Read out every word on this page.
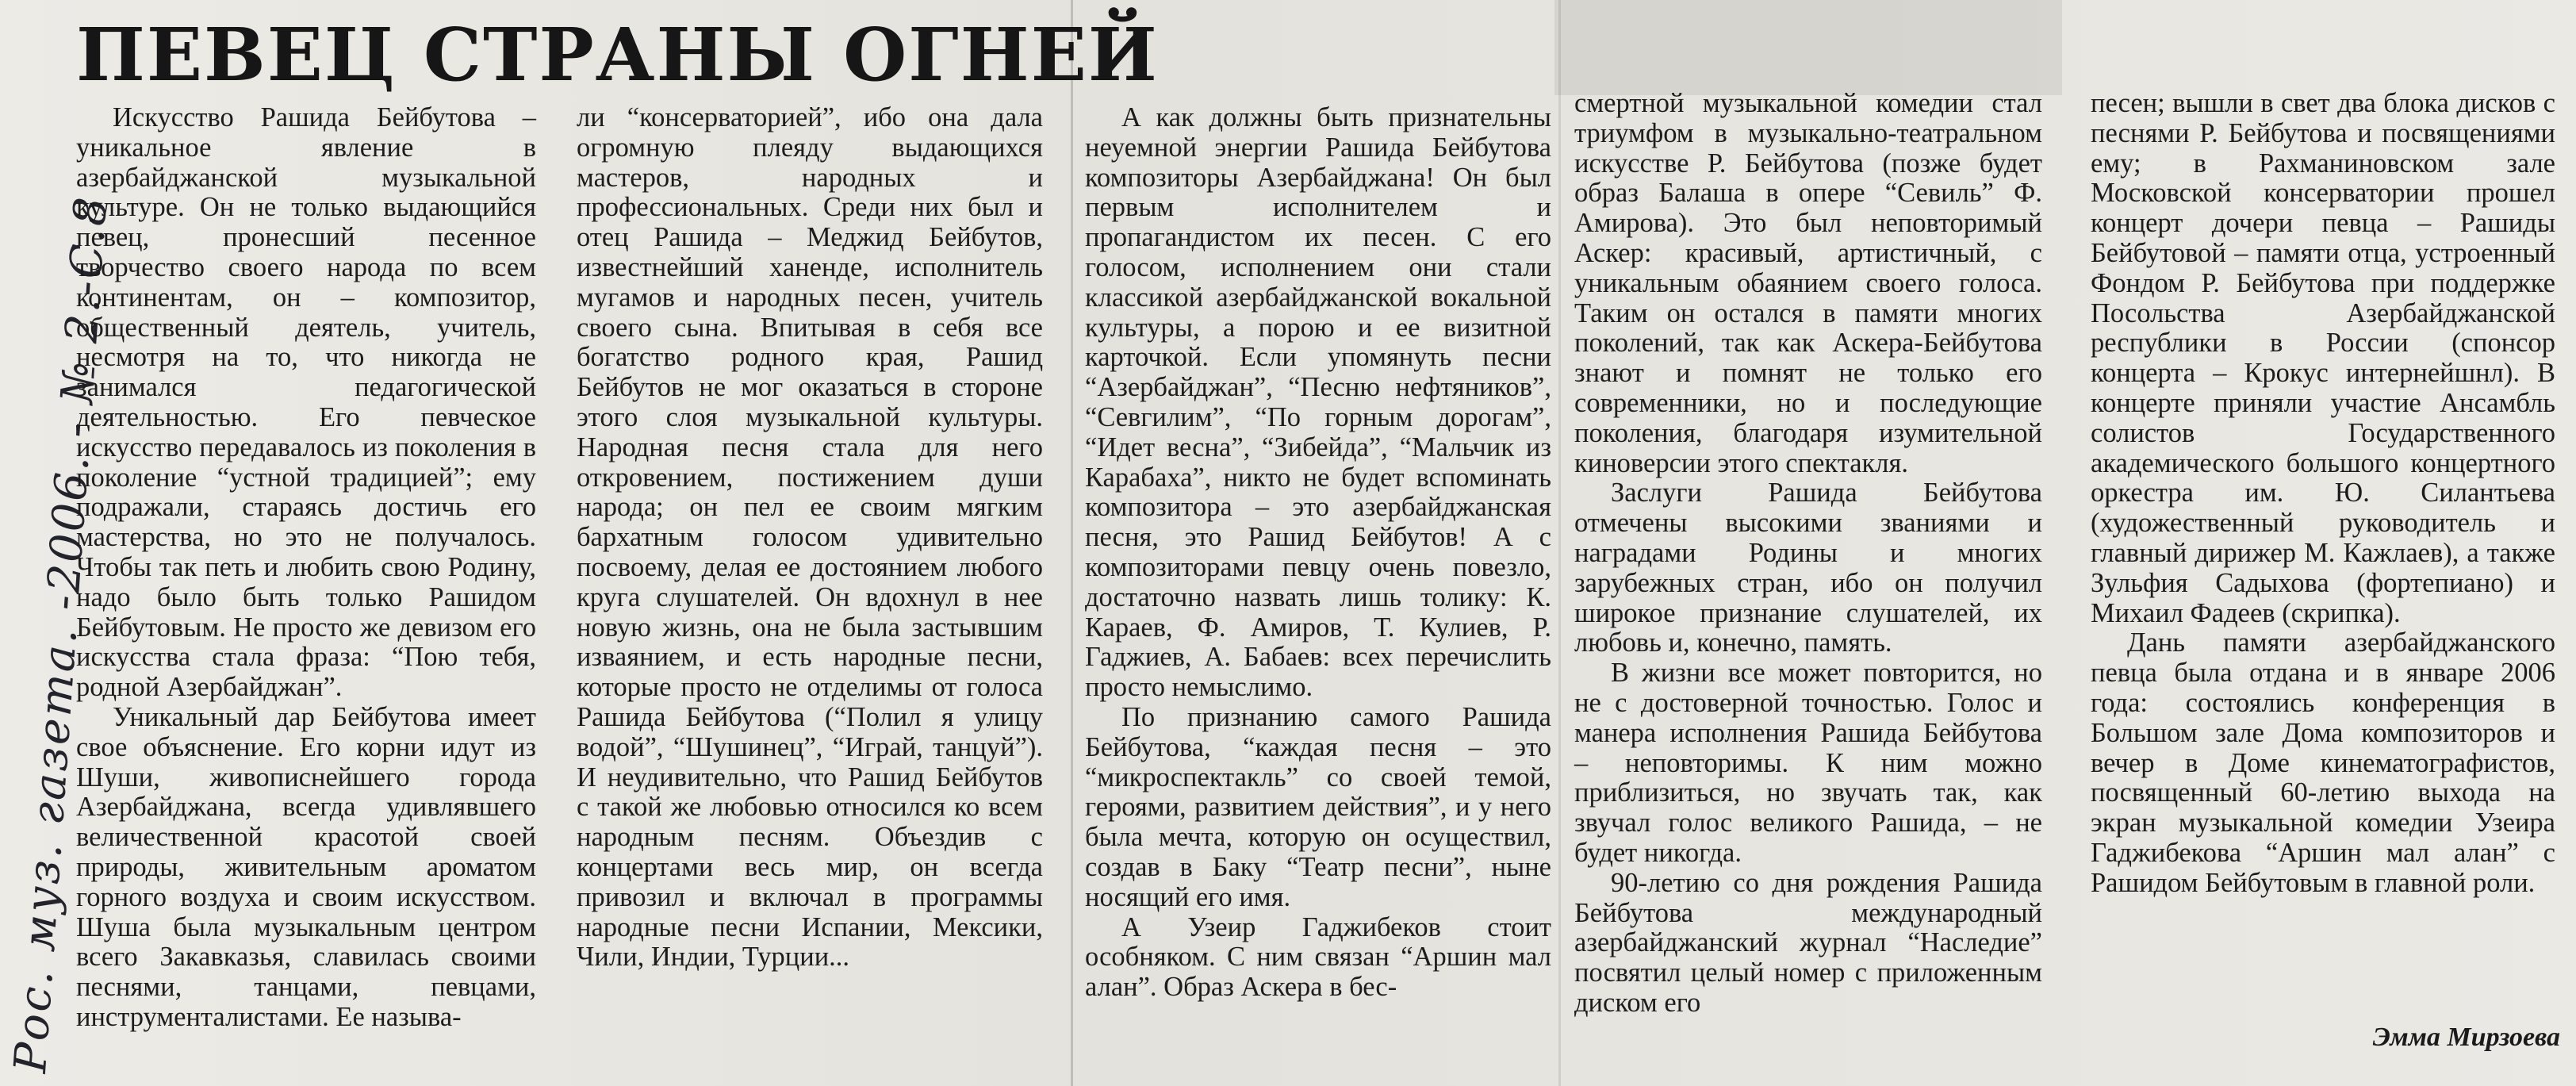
Рос. муз. газета. -2006. - № 2.-С.8
ПЕВЕЦ СТРАНЫ ОГНЕЙ

Искусство Рашида Бейбутова – уникальное явление в азербайджанской музыкальной культуре. Он не только выдающийся певец, пронесший песенное творчество своего народа по всем континентам, он – композитор, общественный деятель, учитель, несмотря на то, что никогда не занимался педагогической деятельностью. Его певческое искусство передавалось из поколения в поколение “устной традицией”; ему подражали, стараясь достичь его мастерства, но это не получалось. Чтобы так петь и любить свою Родину, надо было быть только Рашидом Бейбутовым. Не просто же девизом его искусства стала фраза: “Пою тебя, родной Азербайджан”.

Уникальный дар Бейбутова имеет свое объяснение. Его корни идут из Шуши, живописнейшего города Азербайджана, всегда удивлявшего величественной красотой своей природы, живительным ароматом горного воздуха и своим искусством. Шуша была музыкальным центром всего Закавказья, славилась своими песнями, танцами, певцами, инструменталистами. Ее называ-

ли “консерваторией”, ибо она дала огромную плеяду выдающихся мастеров, народных и профессиональных. Среди них был и отец Рашида – Меджид Бейбутов, известнейший ханенде, исполнитель мугамов и народных песен, учитель своего сына. Впитывая в себя все богатство родного края, Рашид Бейбутов не мог оказаться в стороне этого слоя музыкальной культуры. Народная песня стала для него откровением, постижением души народа; он пел ее своим мягким бархатным голосом удивительно посвоему, делая ее достоянием любого круга слушателей. Он вдохнул в нее новую жизнь, она не была застывшим изваянием, и есть народные песни, которые просто не отделимы от голоса Рашида Бейбутова (“Полил я улицу водой”, “Шушинец”, “Играй, танцуй”). И неудивительно, что Рашид Бейбутов с такой же любовью относился ко всем народным песням. Объездив с концертами весь мир, он всегда привозил и включал в программы народные песни Испании, Мексики, Чили, Индии, Турции...

А как должны быть признательны неуемной энергии Рашида Бейбутова композиторы Азербайджана! Он был первым исполнителем и пропагандистом их песен. С его голосом, исполнением они стали классикой азербайджанской вокальной культуры, а порою и ее визитной карточкой. Если упомянуть песни “Азербайджан”, “Песню нефтяников”, “Севгилим”, “По горным дорогам”, “Идет весна”, “Зибейда”, “Мальчик из Карабаха”, никто не будет вспоминать композитора – это азербайджанская песня, это Рашид Бейбутов! А с композиторами певцу очень повезло, достаточно назвать лишь толику: К. Караев, Ф. Амиров, Т. Кулиев, Р. Гаджиев, А. Бабаев: всех перечислить просто немыслимо.

По признанию самого Рашида Бейбутова, “каждая песня – это “микроспектакль” со своей темой, героями, развитием действия”, и у него была мечта, которую он осуществил, создав в Баку “Театр песни”, ныне носящий его имя.

А Узеир Гаджибеков стоит особняком. С ним связан “Аршин мал алан”. Образ Аскера в бес-

смертной музыкальной комедии стал триумфом в музыкально-театральном искусстве Р. Бейбутова (позже будет образ Балаша в опере “Севиль” Ф. Амирова). Это был неповторимый Аскер: красивый, артистичный, с уникальным обаянием своего голоса. Таким он остался в памяти многих поколений, так как Аскера-Бейбутова знают и помнят не только его современники, но и последующие поколения, благодаря изумительной киноверсии этого спектакля.

Заслуги Рашида Бейбутова отмечены высокими званиями и наградами Родины и многих зарубежных стран, ибо он получил широкое признание слушателей, их любовь и, конечно, память.

В жизни все может повторится, но не с достоверной точностью. Голос и манера исполнения Рашида Бейбутова – неповторимы. К ним можно приблизиться, но звучать так, как звучал голос великого Рашида, – не будет никогда.

90-летию со дня рождения Рашида Бейбутова международный азербайджанский журнал “Наследие” посвятил целый номер с приложенным диском его

песен; вышли в свет два блока дисков с песнями Р. Бейбутова и посвящениями ему; в Рахманиновском зале Московской консерватории прошел концерт дочери певца – Рашиды Бейбутовой – памяти отца, устроенный Фондом Р. Бейбутова при поддержке Посольства Азербайджанской республики в России (спонсор концерта – Крокус интернейшнл). В концерте приняли участие Ансамбль солистов Государственного академического большого концертного оркестра им. Ю. Силантьева (художественный руководитель и главный дирижер М. Кажлаев), а также Зульфия Садыхова (фортепиано) и Михаил Фадеев (скрипка).

Дань памяти азербайджанского певца была отдана и в январе 2006 года: состоялись конференция в Большом зале Дома композиторов и вечер в Доме кинематографистов, посвященный 60-летию выхода на экран музыкальной комедии Узеира Гаджибекова “Аршин мал алан” с Рашидом Бейбутовым в главной роли.

Эмма Мирзоева
